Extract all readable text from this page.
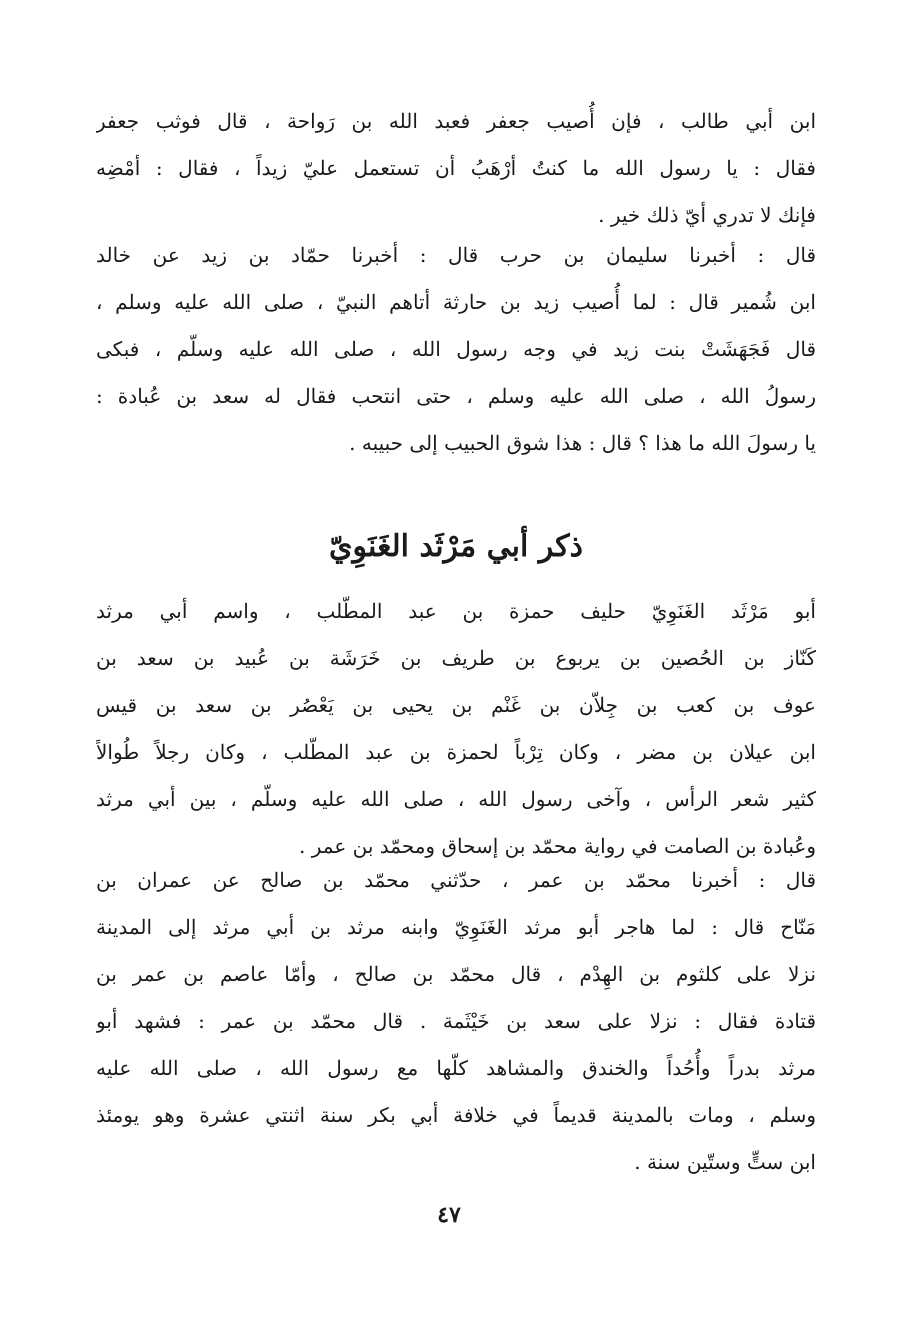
ابن أبي طالب ، فإن أُصيب جعفر فعبد الله بن رَواحة ، قال فوثب جعفر
فقال : يا رسول الله ما كنتُ أرْهَبُ أن تستعمل عليّ زيداً ، فقال : أمْضِه
فإنك لا تدري أيّ ذلك خير .
قال : أخبرنا سليمان بن حرب قال : أخبرنا حمّاد بن زيد عن خالد
ابن شُمير قال : لما أُصيب زيد بن حارثة أتاهم النبيّ ، صلى الله عليه وسلم ،
قال فَجَهَشَتْ بنت زيد في وجه رسول الله ، صلى الله عليه وسلّم ، فبكى
رسولُ الله ، صلى الله عليه وسلم ، حتى انتحب فقال له سعد بن عُبادة :
يا رسولَ الله ما هذا ؟ قال : هذا شوق الحبيب إلى حبيبه .
ذكر أبي مَرْثَد الغَنَوِيّ
أبو مَرْثَد الغَنَوِيّ حليف حمزة بن عبد المطّلب ، واسم أبي مرثد
كَنّاز بن الحُصين بن يربوع بن طريف بن خَرَشَة بن عُبيد بن سعد بن
عوف بن كعب بن جِلاّن بن غَنْم بن يحيى بن يَعْصُر بن سعد بن قيس
ابن عيلان بن مضر ، وكان تِرْباً لحمزة بن عبد المطّلب ، وكان رجلاً طُوالاً
كثير شعر الرأس ، وآخى رسول الله ، صلى الله عليه وسلّم ، بين أبي مرثد
وعُبادة بن الصامت في رواية محمّد بن إسحاق ومحمّد بن عمر .
قال : أخبرنا محمّد بن عمر ، حدّثني محمّد بن صالح عن عمران بن
مَنّاح قال : لما هاجر أبو مرثد الغَنَوِيّ وابنه مرثد بن أبي مرثد إلى المدينة
نزلا على كلثوم بن الهِدْم ، قال محمّد بن صالح ، وأمّا عاصم بن عمر بن
قتادة فقال : نزلا على سعد بن خَيْثَمة . قال محمّد بن عمر : فشهد أبو
مرثد بدراً وأُحُداً والخندق والمشاهد كلّها مع رسول الله ، صلى الله عليه
وسلم ، ومات بالمدينة قديماً في خلافة أبي بكر سنة اثنتي عشرة وهو يومئذ
ابن ستٍّ وستّين سنة .
٤٧
